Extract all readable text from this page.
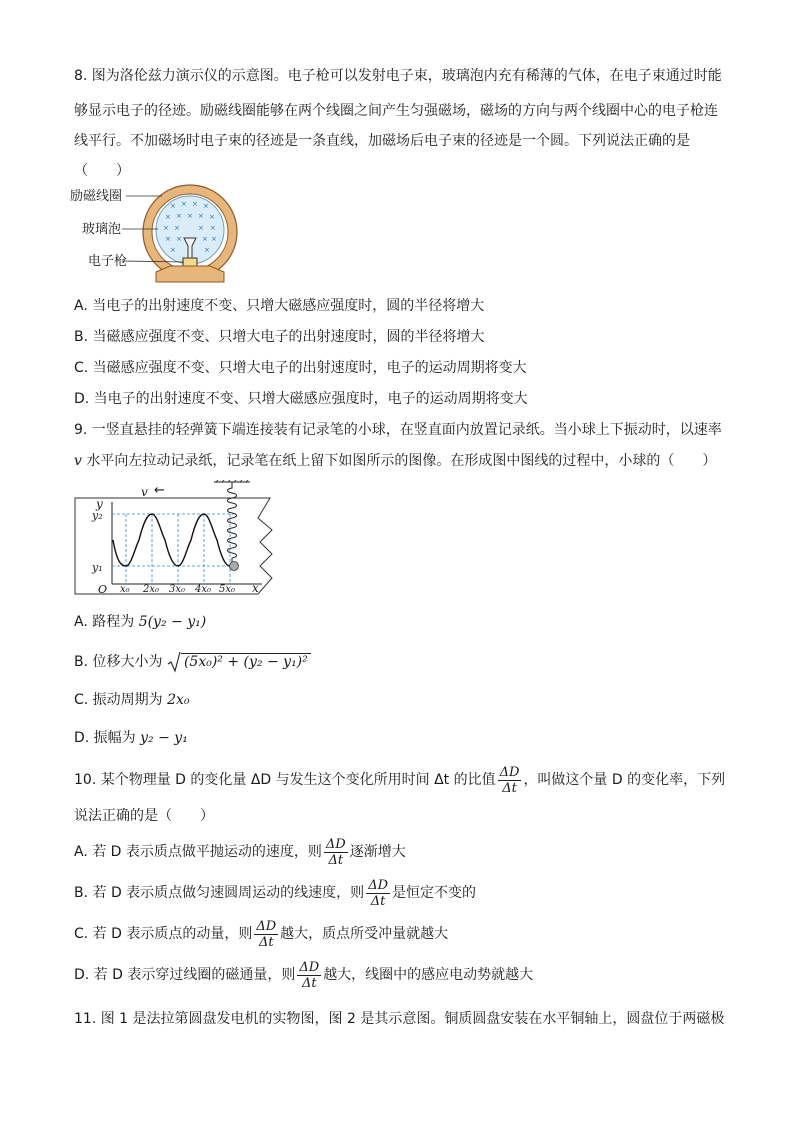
8. 图为洛伦兹力演示仪的示意图。电子枪可以发射电子束，玻璃泡内充有稀薄的气体，在电子束通过时能
够显示电子的径迹。励磁线圈能够在两个线圈之间产生匀强磁场，磁场的方向与两个线圈中心的电子枪连
线平行。不加磁场时电子束的径迹是一条直线，加磁场后电子束的径迹是一个圆。下列说法正确的是
（　　）
× × × ×
× × × × ×
× ×	× ×
× ×	× ×
×	×
励磁线圈
玻璃泡
电子枪
A. 当电子的出射速度不变、只增大磁感应强度时，圆的半径将增大
B. 当磁感应强度不变、只增大电子的出射速度时，圆的半径将增大
C. 当磁感应强度不变、只增大电子的出射速度时，电子的运动周期将变大
D. 当电子的出射速度不变、只增大磁感应强度时，电子的运动周期将变大
9. 一竖直悬挂的轻弹簧下端连接装有记录笔的小球，在竖直面内放置记录纸。当小球上下振动时，以速率
v 水平向左拉动记录纸，记录笔在纸上留下如图所示的图像。在形成图中图线的过程中，小球的（　　）
v ←
y
y₂
y₁
O	x
x₀ 2x₀ 3x₀ 4x₀ 5x₀
A. 路程为 5(y₂ − y₁)
B. 位移大小为 (5x₀)² + (y₂ − y₁)²
C. 振动周期为 2x₀
D. 振幅为 y₂ − y₁
10. 某个物理量 D 的变化量 ΔD 与发生这个变化所用时间 Δt 的比值 $\frac{\Delta D}{\Delta t}$ ，叫做这个量 D 的变化率，下列
说法正确的是（　　）
A. 若 D 表示质点做平抛运动的速度，则 $\frac{\Delta D}{\Delta t}$ 逐渐增大
B. 若 D 表示质点做匀速圆周运动的线速度，则 $\frac{\Delta D}{\Delta t}$ 是恒定不变的
C. 若 D 表示质点的动量，则 $\frac{\Delta D}{\Delta t}$ 越大，质点所受冲量就越大
D. 若 D 表示穿过线圈的磁通量，则 $\frac{\Delta D}{\Delta t}$ 越大，线圈中的感应电动势就越大
11. 图 1 是法拉第圆盘发电机的实物图，图 2 是其示意图。铜质圆盘安装在水平铜轴上，圆盘位于两磁极
